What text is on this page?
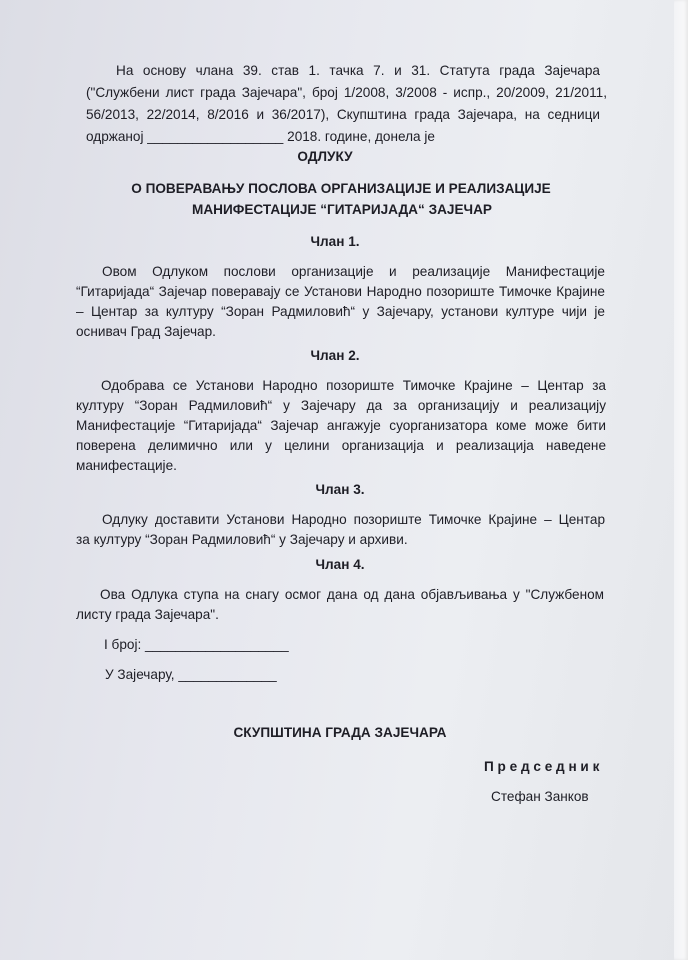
На основу члана 39. став 1. тачка 7. и 31. Статута града Зајечара
("Службени лист града Зајечара", број 1/2008, 3/2008 - испр., 20/2009, 21/2011,
56/2013, 22/2014, 8/2016 и 36/2017), Скупштина града Зајечара, на седници
одржаној __________________ 2018. године, донела је
ОДЛУКУ
О ПОВЕРАВАЊУ ПОСЛОВА ОРГАНИЗАЦИЈЕ И РЕАЛИЗАЦИЈЕ
МАНИФЕСТАЦИЈЕ “ГИТАРИЈАДА“ ЗАЈЕЧАР
Члан 1.
Овом Одлуком послови организације и реализације Манифестације
“Гитаријада“ Зајечар поверавају се Установи Народно позориште Тимочке Крајине
– Центар за културу “Зоран Радмиловић“ у Зајечару, установи културе чији је
оснивач Град Зајечар.
Члан 2.
Одобрава се Установи Народно позориште Тимочке Крајине – Центар за
културу “Зоран Радмиловић“ у Зајечару да за организацију и реализацију
Манифестације “Гитаријада“ Зајечар ангажује суорганизатора коме може бити
поверена делимично или у целини организација и реализација наведене
манифестације.
Члан 3.
Одлуку доставити Установи Народно позориште Тимочке Крајине – Центар
за културу “Зоран Радмиловић“ у Зајечару и архиви.
Члан 4.
Ова Одлука ступа на снагу осмог дана од дана објављивања у "Службеном
листу града Зајечара".
I број: ___________________
У Зајечару, _____________
СКУПШТИНА ГРАДА ЗАЈЕЧАРА
П р е д с е д н и к
Стефан Занков
